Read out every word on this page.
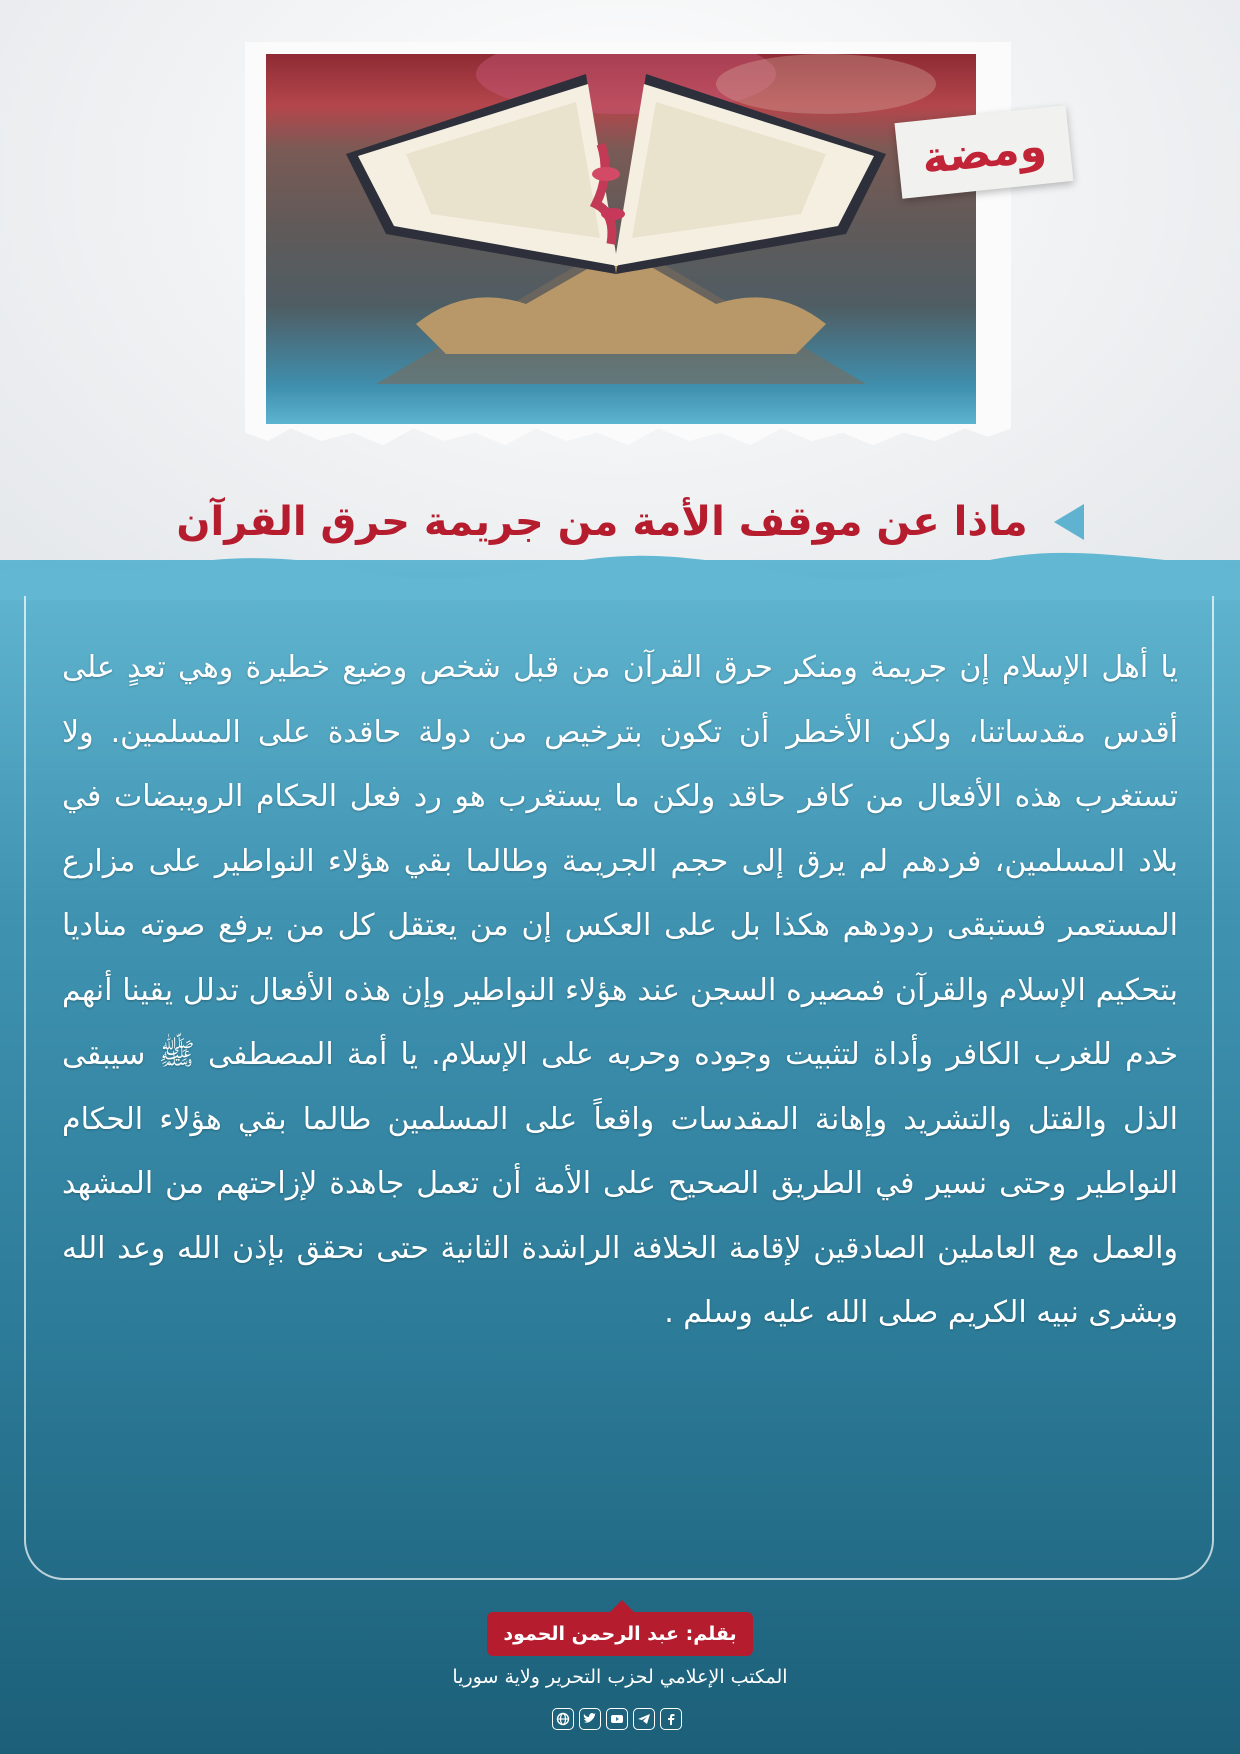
ومضة
ماذا عن موقف الأمة من جريمة حرق القرآن
يا أهل الإسلام إن جريمة ومنكر حرق القرآن من قبل شخص وضيع خطيرة وهي تعدٍ على أقدس مقدساتنا، ولكن الأخطر أن تكون بترخيص من دولة حاقدة على المسلمين. ولا تستغرب هذه الأفعال من كافر حاقد ولكن ما يستغرب هو رد فعل الحكام الرويبضات في بلاد المسلمين، فردهم لم يرق إلى حجم الجريمة وطالما بقي هؤلاء النواطير على مزارع المستعمر فستبقى ردودهم هكذا بل على العكس إن من يعتقل كل من يرفع صوته مناديا بتحكيم الإسلام والقرآن فمصيره السجن عند هؤلاء النواطير وإن هذه الأفعال تدلل يقينا أنهم خدم للغرب الكافر وأداة لتثبيت وجوده وحربه على الإسلام. يا أمة المصطفى ﷺ سيبقى الذل والقتل والتشريد وإهانة المقدسات واقعاً على المسلمين طالما بقي هؤلاء الحكام النواطير وحتى نسير في الطريق الصحيح على الأمة أن تعمل جاهدة لإزاحتهم من المشهد والعمل مع العاملين الصادقين لإقامة الخلافة الراشدة الثانية حتى نحقق بإذن الله وعد الله وبشرى نبيه الكريم صلى الله عليه وسلم .
بقلم: عبد الرحمن الحمود
المكتب الإعلامي لحزب التحرير ولاية سوريا
